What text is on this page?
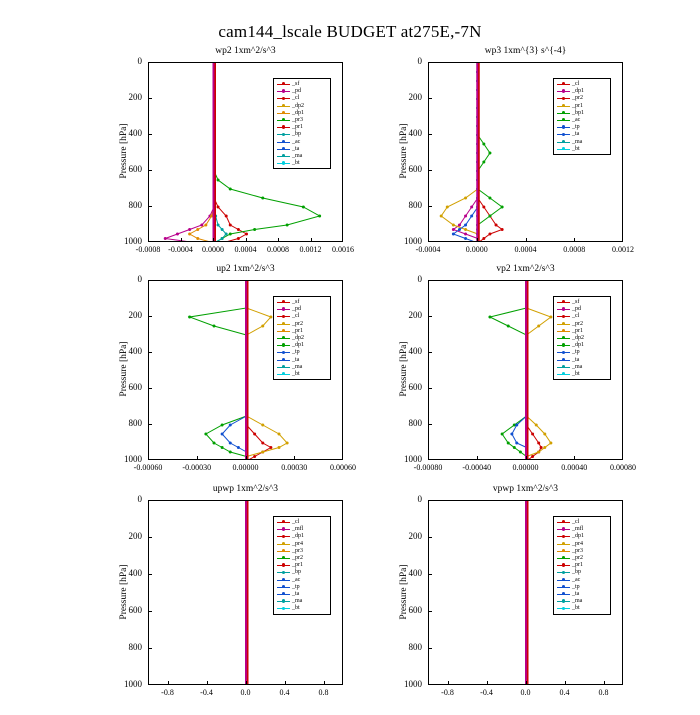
cam144_lscale BUDGET at275E,-7N
wp2 1xm^2/s^3
Pressure [hPa]
0
200
400
600
800
1000
-0.0008 -0.0004	0.0000	0.0004	0.0008	0.0012	0.0016
_sf
_pd
_cl
_dp2
_dp1
_pr3
_pr1
_bp
_ac
_ta
_ma
_bt
wp3 1xm^{3} s^{-4}
Pressure [hPa]
0
200
400
600
800
1000
-0.0004	0.0000	0.0004	0.0008	0.0012
_cl
_dp1
_pr2
_pr1
_bp1
_ac
_tp
_ta
_ma
_bt
up2 1xm^2/s^3
Pressure [hPa]
0
200
400
600
800
1000
-0.00060	-0.00030	0.00000	0.00030	0.00060
_sf
_pd
_cl
_pr2
_pr1
_dp2
_dp1
_tp
_ta
_ma
_bt
vp2 1xm^2/s^3
Pressure [hPa]
0
200
400
600
800
1000
-0.00080	-0.00040	0.00000	0.00040	0.00080
_sf
_pd
_cl
_pr2
_pr1
_dp2
_dp1
_tp
_ta
_ma
_bt
upwp 1xm^2/s^3
Pressure [hPa]
0
200
400
600
800
1000
-0.8	-0.4	0.0	0.4	0.8
_cl
_mfl
_dp1
_pr4
_pr3
_pr2
_pr1
_bp
_ac
_tp
_ta
_ma
_bt
vpwp 1xm^2/s^3
Pressure [hPa]
0
200
400
600
800
1000
-0.8	-0.4	0.0	0.4	0.8
_cl
_mfl
_dp1
_pr4
_pr3
_pr2
_pr1
_bp
_ac
_tp
_ta
_ma
_bt
